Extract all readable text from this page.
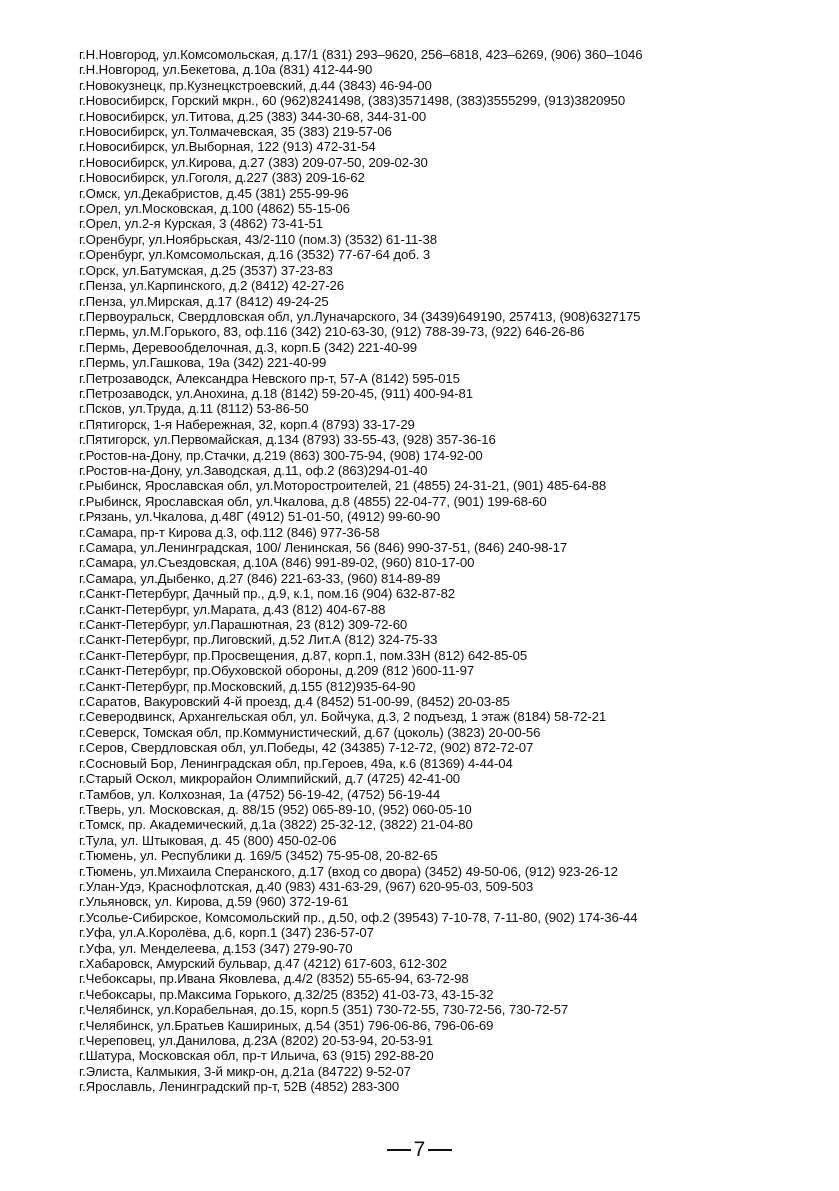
г.Н.Новгород, ул.Комсомольская, д.17/1 (831) 293–9620, 256–6818, 423–6269, (906) 360–1046
г.Н.Новгород, ул.Бекетова, д.10а (831) 412-44-90
г.Новокузнецк, пр.Кузнецкстроевский, д.44 (3843) 46-94-00
г.Новосибирск, Горский мкрн., 60 (962)8241498, (383)3571498, (383)3555299, (913)3820950
г.Новосибирск, ул.Титова, д.25 (383) 344-30-68, 344-31-00
г.Новосибирск, ул.Толмачевская, 35 (383) 219-57-06
г.Новосибирск, ул.Выборная, 122 (913) 472-31-54
г.Новосибирск, ул.Кирова, д.27 (383) 209-07-50, 209-02-30
г.Новосибирск, ул.Гоголя, д.227 (383) 209-16-62
г.Омск, ул.Декабристов, д.45 (381) 255-99-96
г.Орел, ул.Московская, д.100 (4862) 55-15-06
г.Орел, ул.2-я Курская, 3 (4862) 73-41-51
г.Оренбург, ул.Ноябрьская, 43/2-110 (пом.3) (3532) 61-11-38
г.Оренбург, ул.Комсомольская, д.16 (3532) 77-67-64 доб. 3
г.Орск, ул.Батумская, д.25 (3537) 37-23-83
г.Пенза, ул.Карпинского, д.2 (8412) 42-27-26
г.Пенза, ул.Мирская, д.17 (8412) 49-24-25
г.Первоуральск, Свердловская обл, ул.Луначарского, 34 (3439)649190, 257413, (908)6327175
г.Пермь, ул.М.Горького, 83, оф.116 (342) 210-63-30, (912) 788-39-73, (922) 646-26-86
г.Пермь, Деревообделочная, д.3, корп.Б (342) 221-40-99
г.Пермь, ул.Гашкова, 19а (342) 221-40-99
г.Петрозаводск, Александра Невского пр-т, 57-А (8142) 595-015
г.Петрозаводск, ул.Анохина, д.18 (8142) 59-20-45, (911) 400-94-81
г.Псков, ул.Труда, д.11 (8112) 53-86-50
г.Пятигорск, 1-я Набережная, 32, корп.4 (8793) 33-17-29
г.Пятигорск, ул.Первомайская, д.134 (8793) 33-55-43, (928) 357-36-16
г.Ростов-на-Дону, пр.Стачки, д.219 (863) 300-75-94, (908) 174-92-00
г.Ростов-на-Дону, ул.Заводская, д.11, оф.2 (863)294-01-40
г.Рыбинск, Ярославская обл, ул.Моторостроителей, 21 (4855) 24-31-21, (901) 485-64-88
г.Рыбинск, Ярославская обл, ул.Чкалова, д.8 (4855) 22-04-77, (901) 199-68-60
г.Рязань, ул.Чкалова, д.48Г (4912) 51-01-50, (4912) 99-60-90
г.Самара, пр-т Кирова д.3, оф.112 (846) 977-36-58
г.Самара, ул.Ленинградская, 100/ Ленинская, 56 (846) 990-37-51, (846) 240-98-17
г.Самара, ул.Съездовская, д.10А (846) 991-89-02, (960) 810-17-00
г.Самара, ул.Дыбенко, д.27 (846) 221-63-33, (960) 814-89-89
г.Санкт-Петербург, Дачный пр., д.9, к.1, пом.16 (904) 632-87-82
г.Санкт-Петербург, ул.Марата, д.43 (812) 404-67-88
г.Санкт-Петербург, ул.Парашютная, 23 (812) 309-72-60
г.Санкт-Петербург, пр.Лиговский, д.52 Лит.А (812) 324-75-33
г.Санкт-Петербург, пр.Просвещения, д.87, корп.1, пом.33Н (812) 642-85-05
г.Санкт-Петербург, пр.Обуховской обороны, д.209 (812 )600-11-97
г.Санкт-Петербург, пр.Московский, д.155 (812)935-64-90
г.Саратов, Вакуровский 4-й проезд, д.4 (8452) 51-00-99, (8452) 20-03-85
г.Северодвинск, Архангельская обл, ул. Бойчука, д.3, 2 подъезд, 1 этаж (8184) 58-72-21
г.Северск, Томская обл, пр.Коммунистический, д.67 (цоколь) (3823) 20-00-56
г.Серов, Свердловская обл, ул.Победы, 42 (34385) 7-12-72, (902) 872-72-07
г.Сосновый Бор, Ленинградская обл, пр.Героев, 49а, к.6 (81369) 4-44-04
г.Старый Оскол, микрорайон Олимпийский, д.7 (4725) 42-41-00
г.Тамбов, ул. Колхозная, 1а (4752) 56-19-42, (4752) 56-19-44
г.Тверь, ул. Московская, д. 88/15 (952) 065-89-10, (952) 060-05-10
г.Томск, пр. Академический, д.1а (3822) 25-32-12, (3822) 21-04-80
г.Тула, ул. Штыковая, д. 45 (800) 450-02-06
г.Тюмень, ул. Республики д. 169/5 (3452) 75-95-08, 20-82-65
г.Тюмень, ул.Михаила Сперанского, д.17 (вход со двора) (3452) 49-50-06, (912) 923-26-12
г.Улан-Удэ, Краснофлотская, д.40 (983) 431-63-29, (967) 620-95-03, 509-503
г.Ульяновск, ул. Кирова, д.59 (960) 372-19-61
г.Усолье-Сибирское, Комсомольский пр., д.50, оф.2 (39543) 7-10-78, 7-11-80, (902) 174-36-44
г.Уфа, ул.А.Королёва, д.6, корп.1 (347) 236-57-07
г.Уфа, ул. Менделеева, д.153 (347) 279-90-70
г.Хабаровск, Амурский бульвар, д.47 (4212) 617-603, 612-302
г.Чебоксары, пр.Ивана Яковлева, д.4/2 (8352) 55-65-94, 63-72-98
г.Чебоксары, пр.Максима Горького, д.32/25 (8352) 41-03-73, 43-15-32
г.Челябинск, ул.Корабельная, до.15, корп.5 (351) 730-72-55, 730-72-56, 730-72-57
г.Челябинск, ул.Братьев Кашириных, д.54 (351) 796-06-86, 796-06-69
г.Череповец, ул.Данилова, д.23А (8202) 20-53-94, 20-53-91
г.Шатура, Московская обл, пр-т Ильича, 63 (915) 292-88-20
г.Элиста, Калмыкия, 3-й микр-он, д.21а (84722) 9-52-07
г.Ярославль, Ленинградский пр-т, 52В (4852) 283-300
7
